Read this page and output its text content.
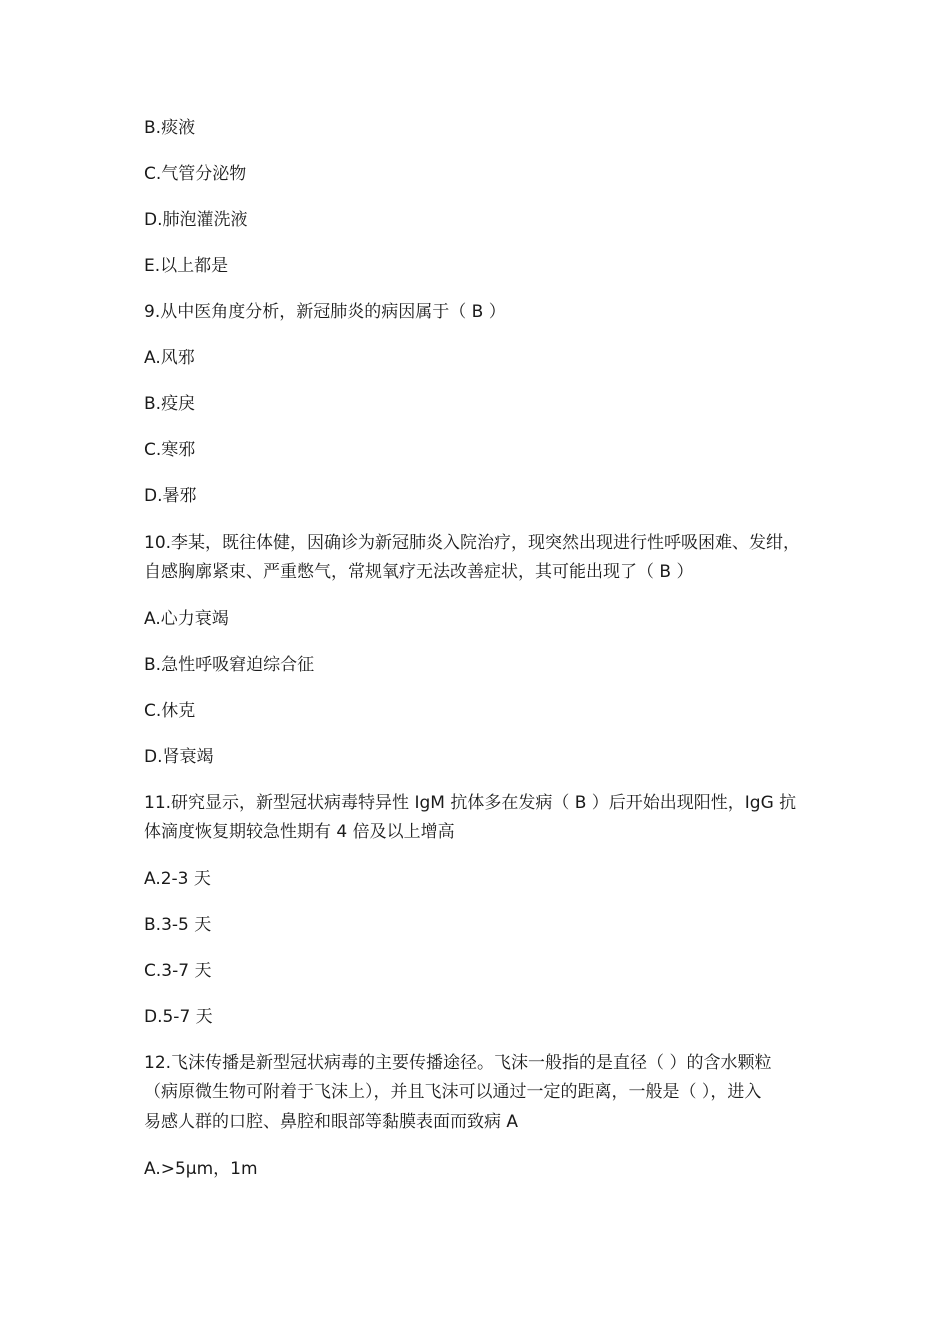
B.痰液
C.气管分泌物
D.肺泡灌洗液
E.以上都是
9.从中医角度分析，新冠肺炎的病因属于（ B ）
A.风邪
B.疫戾
C.寒邪
D.暑邪
10.李某，既往体健，因确诊为新冠肺炎入院治疗，现突然出现进行性呼吸困难、发绀，
自感胸廓紧束、严重憋气，常规氧疗无法改善症状，其可能出现了（ B ）
A.心力衰竭
B.急性呼吸窘迫综合征
C.休克
D.肾衰竭
11.研究显示，新型冠状病毒特异性 IgM 抗体多在发病（ B ）后开始出现阳性，IgG 抗
体滴度恢复期较急性期有 4 倍及以上增高
A.2-3 天
B.3-5 天
C.3-7 天
D.5-7 天
12.飞沫传播是新型冠状病毒的主要传播途径。飞沫一般指的是直径（ ）的含水颗粒
（病原微生物可附着于飞沫上），并且飞沫可以通过一定的距离，一般是（ ），进入
易感人群的口腔、鼻腔和眼部等黏膜表面而致病 A
A.>5μm，1m
